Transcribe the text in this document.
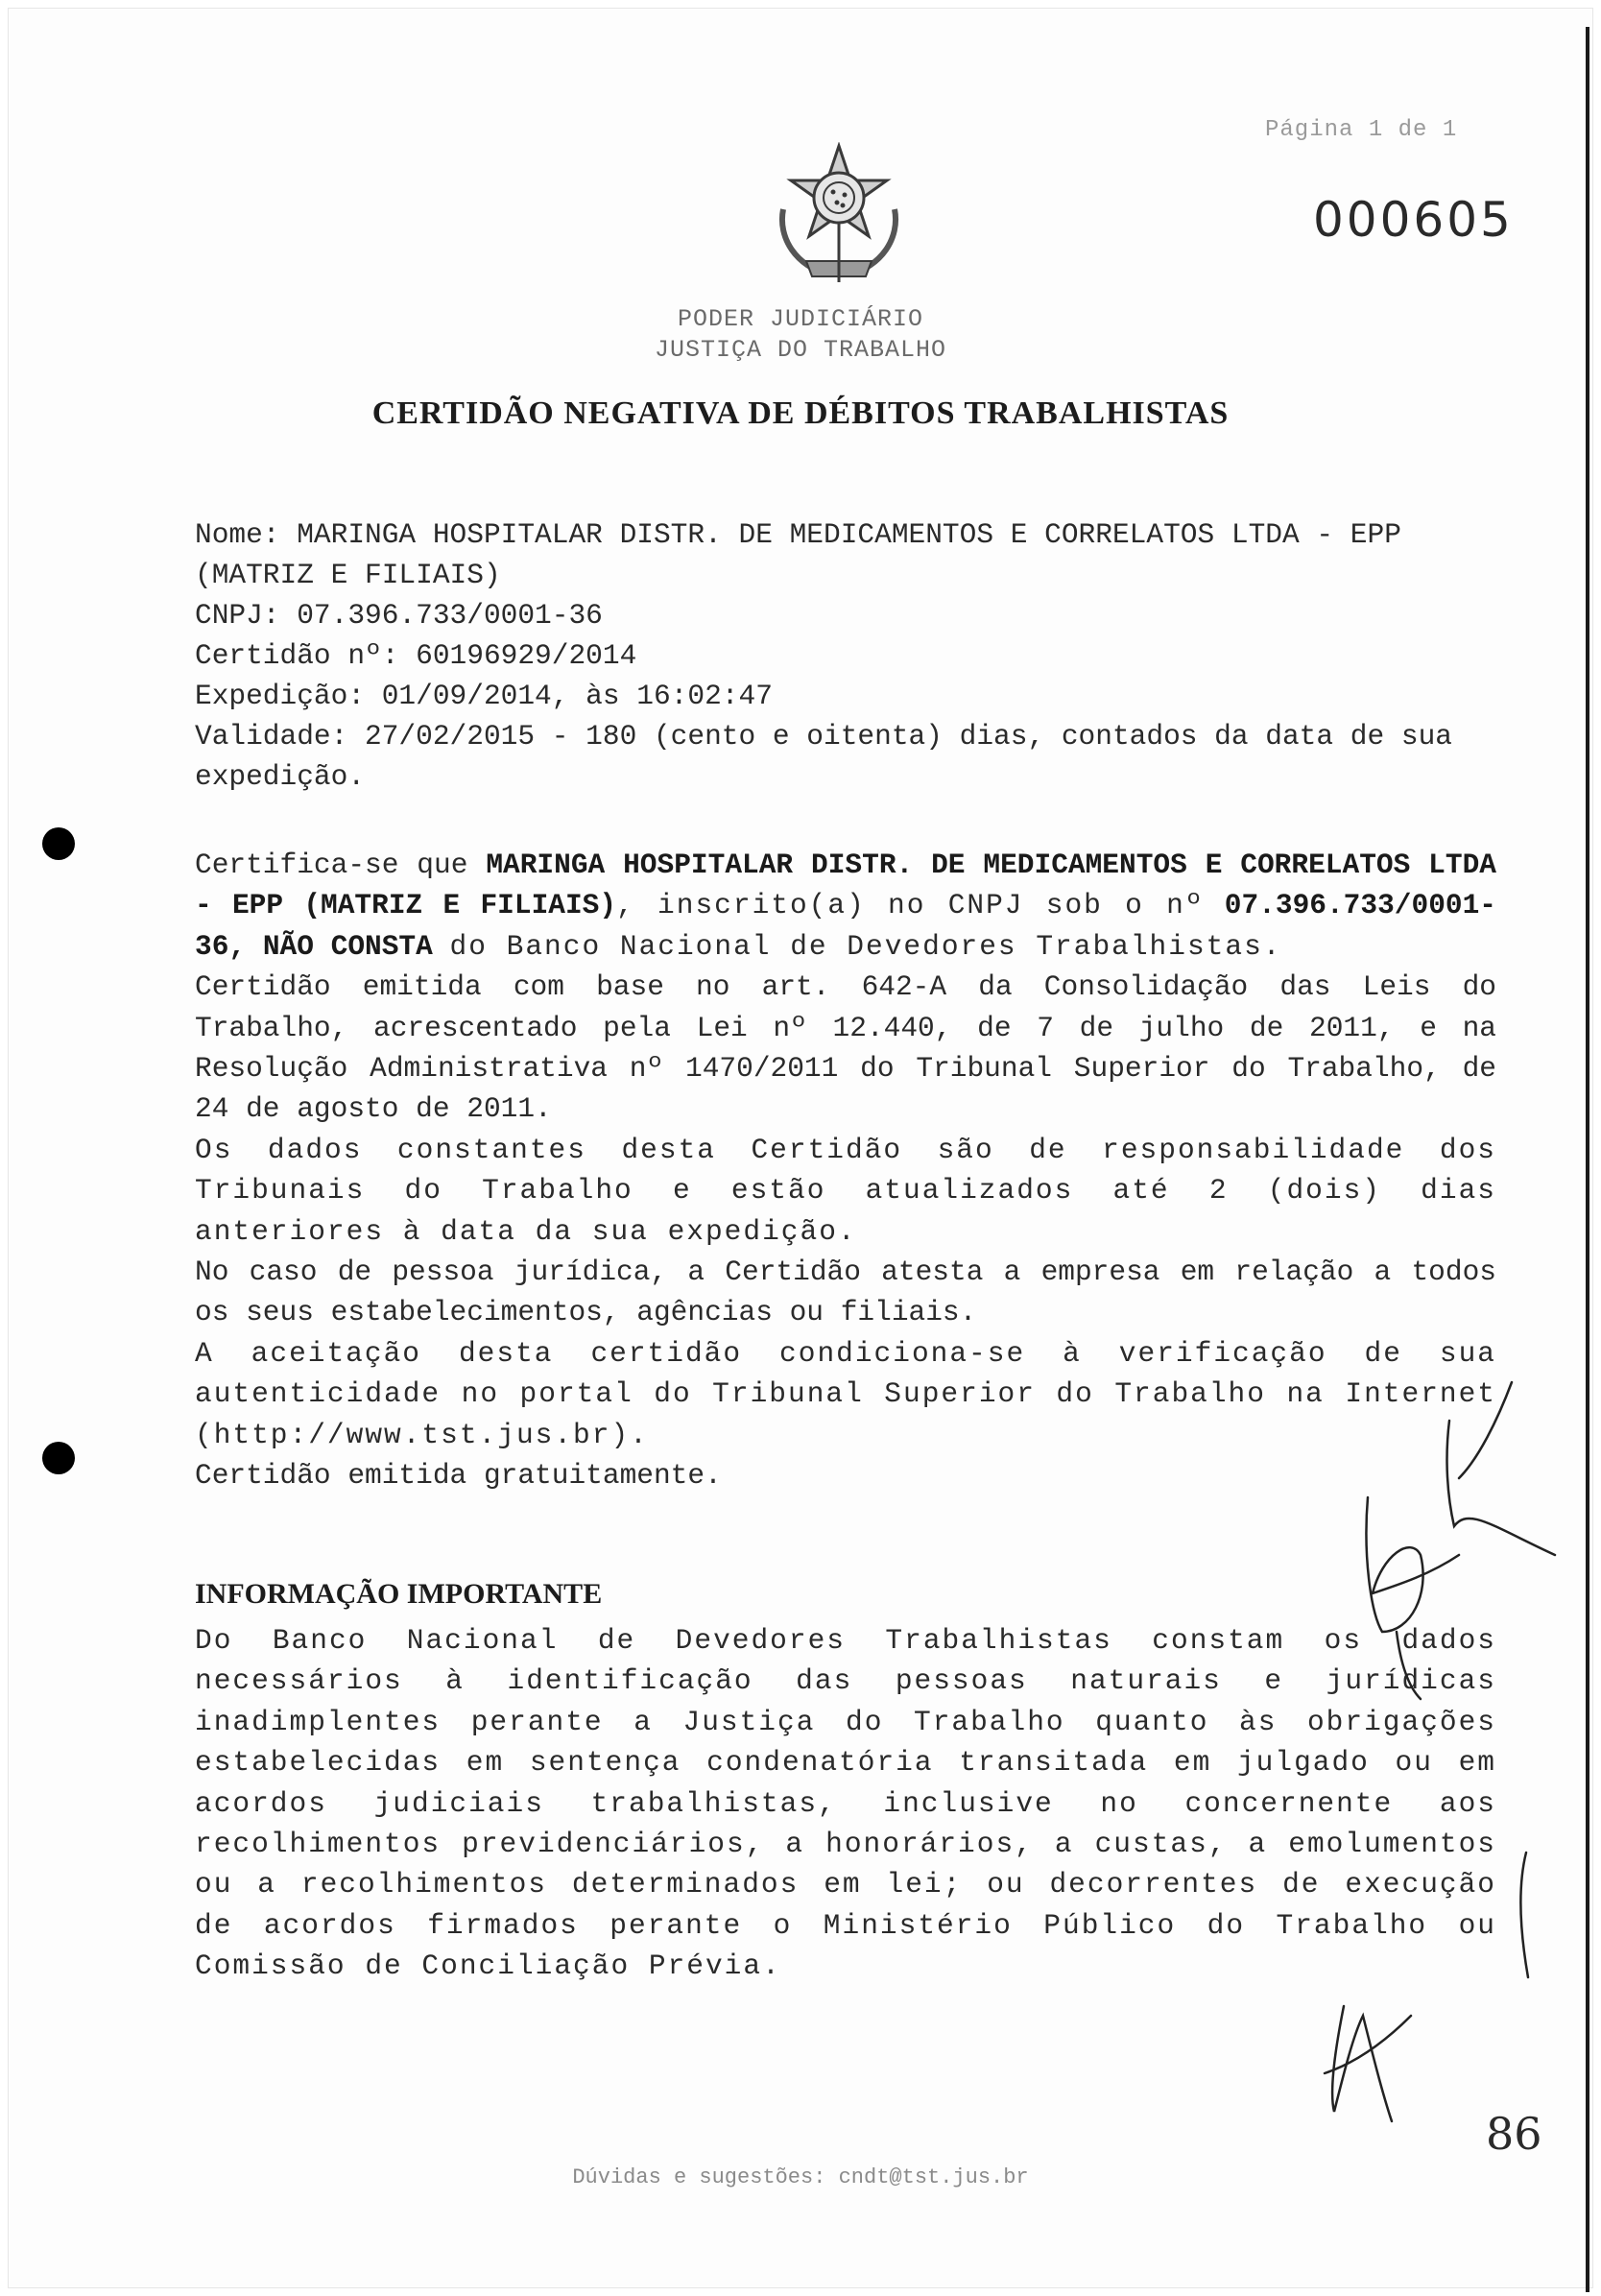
Página 1 de 1
000605
PODER JUDICIÁRIO
JUSTIÇA DO TRABALHO
CERTIDÃO NEGATIVA DE DÉBITOS TRABALHISTAS
Nome: MARINGA HOSPITALAR DISTR. DE MEDICAMENTOS E CORRELATOS LTDA - EPP (MATRIZ E FILIAIS)
CNPJ: 07.396.733/0001-36
Certidão nº: 60196929/2014
Expedição: 01/09/2014, às 16:02:47
Validade: 27/02/2015 - 180 (cento e oitenta) dias, contados da data de sua expedição.

Certifica-se que MARINGA HOSPITALAR DISTR. DE MEDICAMENTOS E CORRELATOS LTDA - EPP (MATRIZ E FILIAIS), inscrito(a) no CNPJ sob o nº 07.396.733/0001-36, NÃO CONSTA do Banco Nacional de Devedores Trabalhistas.

Certidão emitida com base no art. 642-A da Consolidação das Leis do Trabalho, acrescentado pela Lei nº 12.440, de 7 de julho de 2011, e na Resolução Administrativa nº 1470/2011 do Tribunal Superior do Trabalho, de 24 de agosto de 2011.

Os dados constantes desta Certidão são de responsabilidade dos Tribunais do Trabalho e estão atualizados até 2 (dois) dias anteriores à data da sua expedição.

No caso de pessoa jurídica, a Certidão atesta a empresa em relação a todos os seus estabelecimentos, agências ou filiais.

A aceitação desta certidão condiciona-se à verificação de sua autenticidade no portal do Tribunal Superior do Trabalho na Internet (http://www.tst.jus.br).

Certidão emitida gratuitamente.

INFORMAÇÃO IMPORTANTE

Do Banco Nacional de Devedores Trabalhistas constam os dados necessários à identificação das pessoas naturais e jurídicas inadimplentes perante a Justiça do Trabalho quanto às obrigações estabelecidas em sentença condenatória transitada em julgado ou em acordos judiciais trabalhistas, inclusive no concernente aos recolhimentos previdenciários, a honorários, a custas, a emolumentos ou a recolhimentos determinados em lei; ou decorrentes de execução de acordos firmados perante o Ministério Público do Trabalho ou Comissão de Conciliação Prévia.

Dúvidas e sugestões: cndt@tst.jus.br
86
